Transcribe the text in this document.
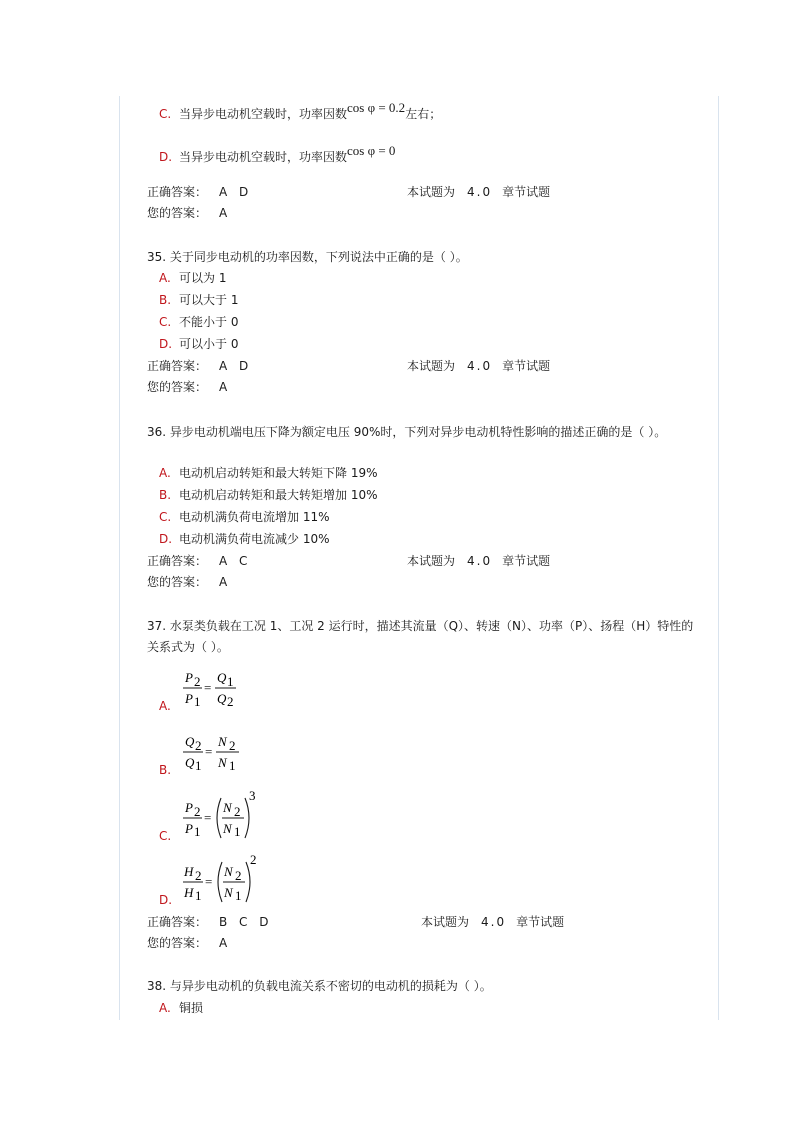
C. 当异步电动机空载时，功率因数cos φ = 0.2左右；
D. 当异步电动机空载时，功率因数cos φ = 0
正确答案： A D	本试题为 4.0 章节试题
您的答案： A
35. 关于同步电动机的功率因数，下列说法中正确的是（ ）。
A. 可以为 1
B. 可以大于 1
C. 不能小于 0
D. 可以小于 0
正确答案： A D	本试题为 4.0 章节试题
您的答案： A
36. 异步电动机端电压下降为额定电压 90%时，下列对异步电动机特性影响的描述正确的是（ ）。
A. 电动机启动转矩和最大转矩下降 19%
B. 电动机启动转矩和最大转矩增加 10%
C. 电动机满负荷电流增加 11%
D. 电动机满负荷电流减少 10%
正确答案： A C	本试题为 4.0 章节试题
您的答案： A
37. 水泵类负载在工况 1、工况 2 运行时，描述其流量（Q）、转速（N）、功率（P）、扬程（H）特性的关系式为（ ）。
A.
P 2
P 1
=
Q 1
Q 2
B.
Q 2
Q 1
=
N 2
N 1
C.
P 2
P 1
=
N 2
N 1
3
D.
H 2
H 1
=
N 2
N 1
2
正确答案： B C D	本试题为 4.0 章节试题
您的答案： A
38. 与异步电动机的负载电流关系不密切的电动机的损耗为（ ）。
A. 铜损
